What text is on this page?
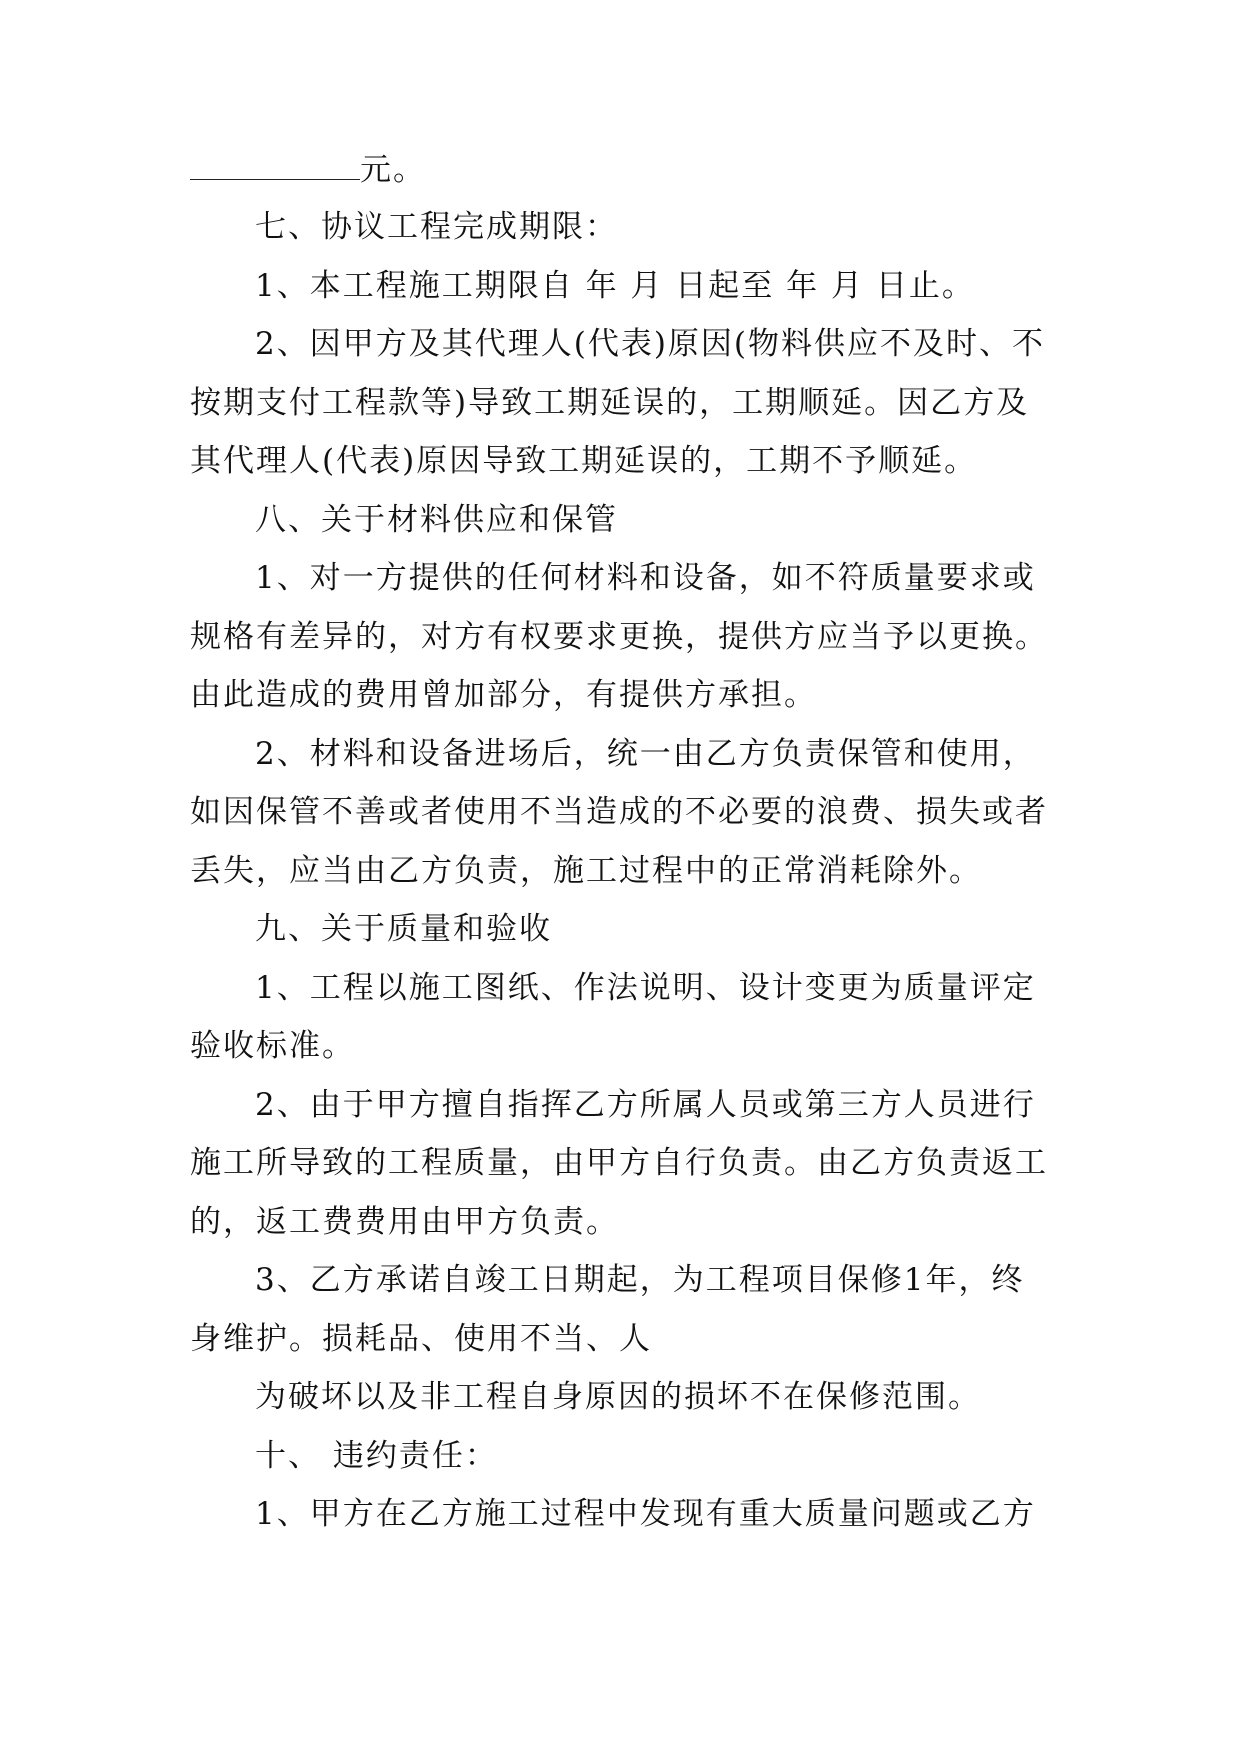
元。
七、协议工程完成期限：
1、本工程施工期限自 年 月 日起至 年 月 日止。
2、因甲方及其代理人(代表)原因(物料供应不及时、不
按期支付工程款等)导致工期延误的，工期顺延。因乙方及
其代理人(代表)原因导致工期延误的，工期不予顺延。
八、关于材料供应和保管
1、对一方提供的任何材料和设备，如不符质量要求或
规格有差异的，对方有权要求更换，提供方应当予以更换。
由此造成的费用曾加部分，有提供方承担。
2、材料和设备进场后，统一由乙方负责保管和使用，
如因保管不善或者使用不当造成的不必要的浪费、损失或者
丢失，应当由乙方负责，施工过程中的正常消耗除外。
九、关于质量和验收
1、工程以施工图纸、作法说明、设计变更为质量评定
验收标准。
2、由于甲方擅自指挥乙方所属人员或第三方人员进行
施工所导致的工程质量，由甲方自行负责。由乙方负责返工
的，返工费费用由甲方负责。
3、乙方承诺自竣工日期起，为工程项目保修1年，终
身维护。损耗品、使用不当、人
为破坏以及非工程自身原因的损坏不在保修范围。
十、 违约责任：
1、甲方在乙方施工过程中发现有重大质量问题或乙方
